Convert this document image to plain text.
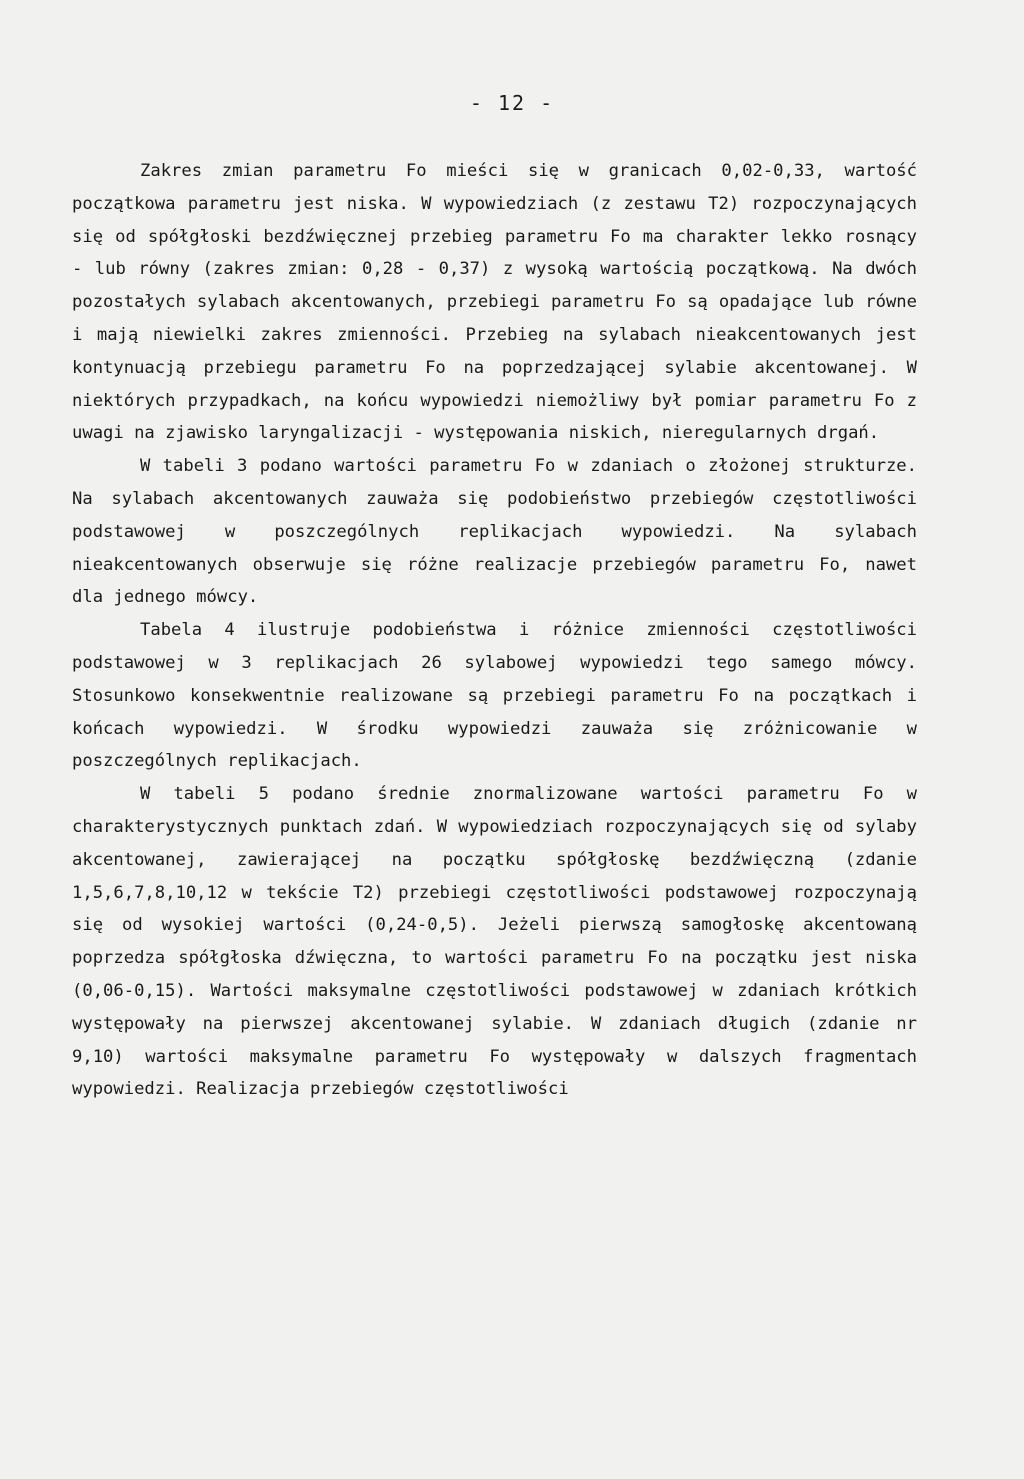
- 12 -

Zakres zmian parametru Fo mieści się w granicach 0,02-0,33, wartość początkowa parametru jest niska. W wypowiedziach (z zestawu T2) rozpoczynających się od spółgłoski bezdźwięcznej przebieg parametru Fo ma charakter lekko rosnący - lub równy (zakres zmian: 0,28 - 0,37) z wysoką wartością początkową. Na dwóch pozostałych sylabach akcentowanych, przebiegi parametru Fo są opadające lub równe i mają niewielki zakres zmienności. Przebieg na sylabach nieakcentowanych jest kontynuacją przebiegu parametru Fo na poprzedzającej sylabie akcentowanej. W niektórych przypadkach, na końcu wypowiedzi niemożliwy był pomiar parametru Fo z uwagi na zjawisko laryngalizacji - występowania niskich, nieregularnych drgań.

W tabeli 3 podano wartości parametru Fo w zdaniach o złożonej strukturze. Na sylabach akcentowanych zauważa się podobieństwo przebiegów częstotliwości podstawowej w poszczególnych replikacjach wypowiedzi. Na sylabach nieakcentowanych obserwuje się różne realizacje przebiegów parametru Fo, nawet dla jednego mówcy.

Tabela 4 ilustruje podobieństwa i różnice zmienności częstotliwości podstawowej w 3 replikacjach 26 sylabowej wypowiedzi tego samego mówcy. Stosunkowo konsekwentnie realizowane są przebiegi parametru Fo na początkach i końcach wypowiedzi. W środku wypowiedzi zauważa się zróżnicowanie w poszczególnych replikacjach.

W tabeli 5 podano średnie znormalizowane wartości parametru Fo w charakterystycznych punktach zdań. W wypowiedziach rozpoczynających się od sylaby akcentowanej, zawierającej na początku spółgłoskę bezdźwięczną (zdanie 1,5,6,7,8,10,12 w tekście T2) przebiegi częstotliwości podstawowej rozpoczynają się od wysokiej wartości (0,24-0,5). Jeżeli pierwszą samogłoskę akcentowaną poprzedza spółgłoska dźwięczna, to wartości parametru Fo na początku jest niska (0,06-0,15). Wartości maksymalne częstotliwości podstawowej w zdaniach krótkich występowały na pierwszej akcentowanej sylabie. W zdaniach długich (zdanie nr 9,10) wartości maksymalne parametru Fo występowały w dalszych fragmentach wypowiedzi. Realizacja przebiegów częstotliwości
